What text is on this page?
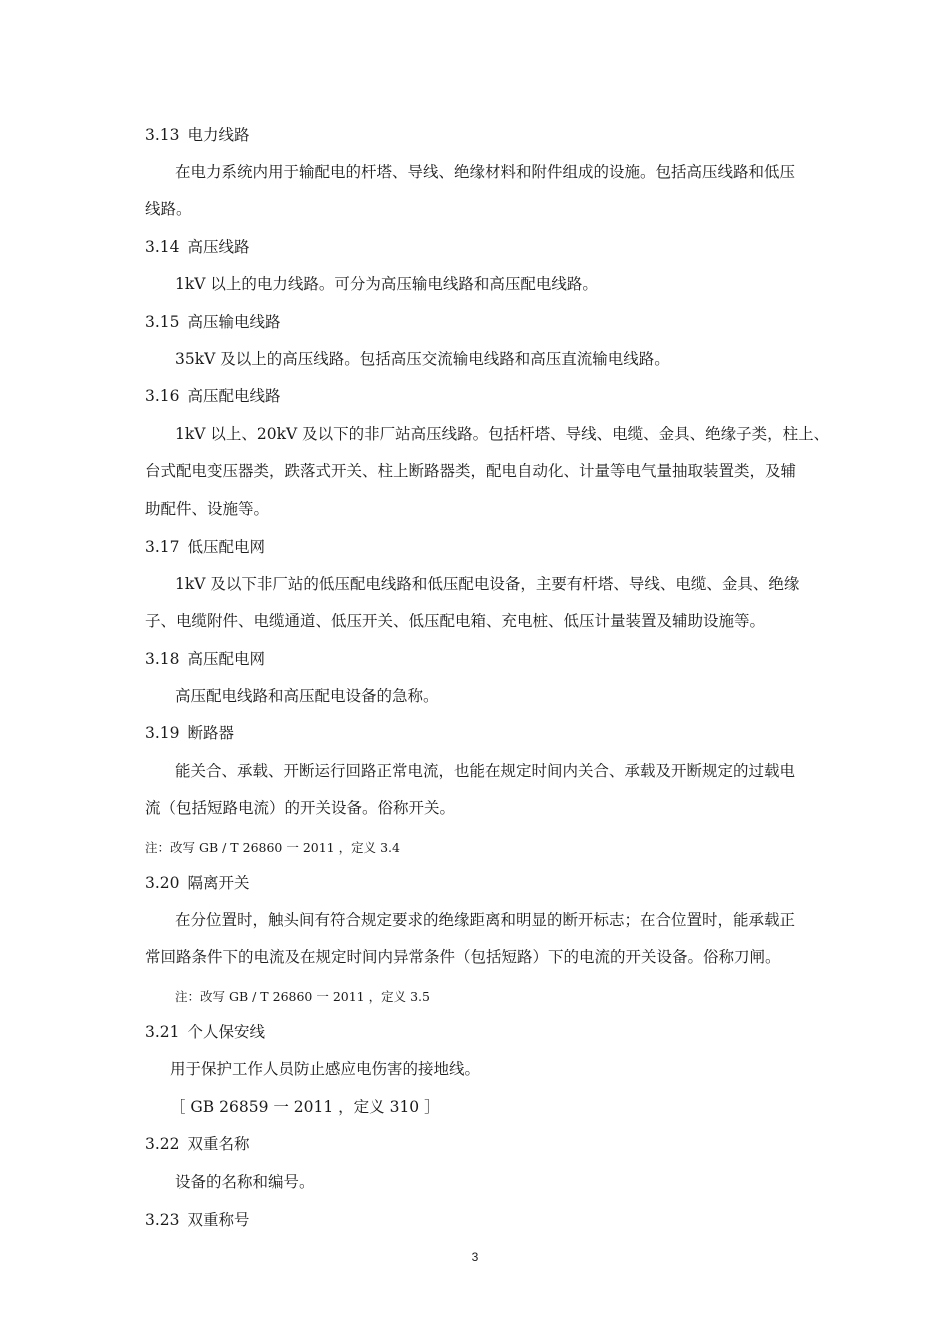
3.13 电力线路
在电力系统内用于输配电的杆塔、导线、绝缘材料和附件组成的设施。包括高压线路和低压
线路。
3.14 高压线路
1kV 以上的电力线路。可分为高压输电线路和高压配电线路。
3.15 高压输电线路
35kV 及以上的高压线路。包括高压交流输电线路和高压直流输电线路。
3.16 高压配电线路
1kV 以上、20kV 及以下的非厂站高压线路。包括杆塔、导线、电缆、金具、绝缘子类，柱上、
台式配电变压器类，跌落式开关、柱上断路器类，配电自动化、计量等电气量抽取装置类，及辅
助配件、设施等。
3.17 低压配电网
1kV 及以下非厂站的低压配电线路和低压配电设备，主要有杆塔、导线、电缆、金具、绝缘
子、电缆附件、电缆通道、低压开关、低压配电箱、充电桩、低压计量装置及辅助设施等。
3.18 高压配电网
高压配电线路和高压配电设备的急称。
3.19 断路器
能关合、承载、开断运行回路正常电流，也能在规定时间内关合、承载及开断规定的过载电
流（包括短路电流）的开关设备。俗称开关。
注：改写 GB / T 26860 一 2011 ，定义 3.4
3.20 隔离开关
在分位置时，触头间有符合规定要求的绝缘距离和明显的断开标志；在合位置时，能承载正
常回路条件下的电流及在规定时间内异常条件（包括短路）下的电流的开关设备。俗称刀闸。
注：改写 GB / T 26860 一 2011 ，定义 3.5
3.21 个人保安线
用于保护工作人员防止感应电伤害的接地线。
［ GB 26859 一 2011 ，定义 310 ］
3.22 双重名称
设备的名称和编号。
3.23 双重称号
3
